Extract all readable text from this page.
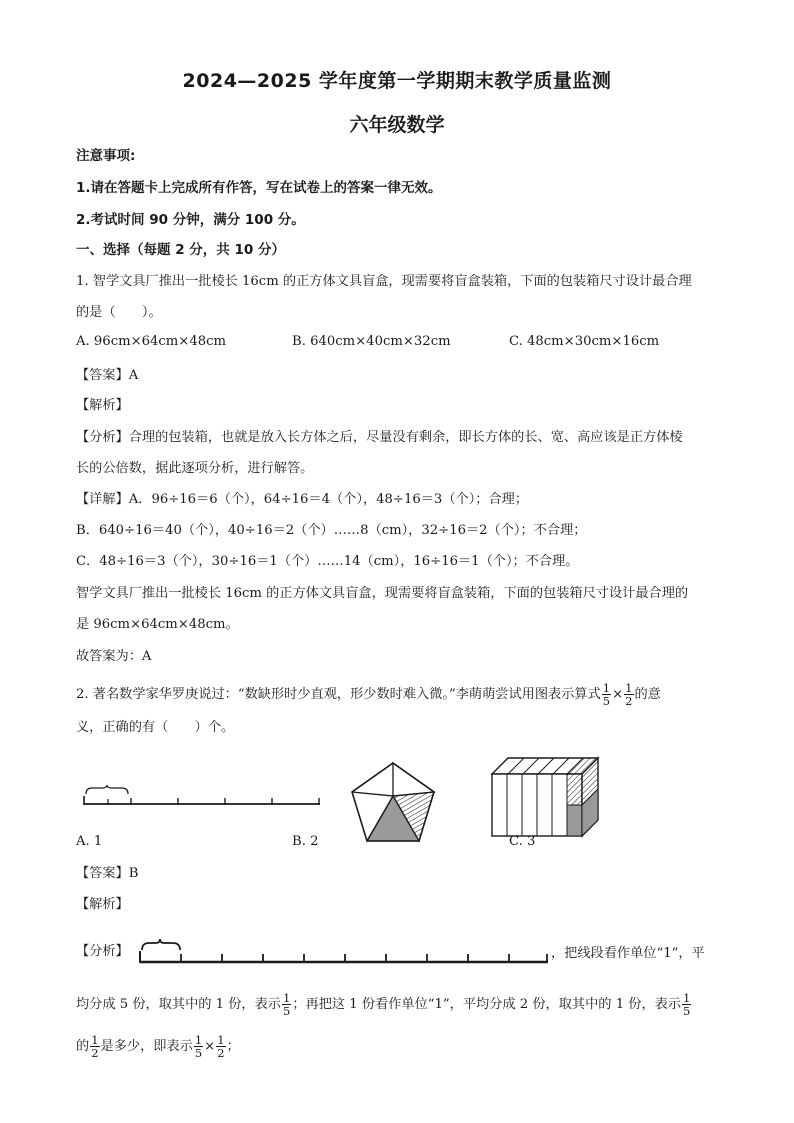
2024—2025 学年度第一学期期末教学质量监测
六年级数学
注意事项:
1.请在答题卡上完成所有作答，写在试卷上的答案一律无效。
2.考试时间 90 分钟，满分 100 分。
一、选择（每题 2 分，共 10 分）
1. 智学文具厂推出一批棱长 16cm 的正方体文具盲盒，现需要将盲盒装箱，下面的包装箱尺寸设计最合理
的是（　　）。
A. 96cm×64cm×48cm	B. 640cm×40cm×32cm	C. 48cm×30cm×16cm
【答案】A
【解析】
【分析】合理的包装箱，也就是放入长方体之后，尽量没有剩余，即长方体的长、宽、高应该是正方体棱
长的公倍数，据此逐项分析，进行解答。
【详解】A．96÷16＝6（个），64÷16＝4（个），48÷16＝3（个）；合理；
B．640÷16＝40（个），40÷16＝2（个）……8（cm），32÷16＝2（个）；不合理；
C．48÷16＝3（个），30÷16＝1（个）……14（cm），16÷16＝1（个）；不合理。
智学文具厂推出一批棱长 16cm 的正方体文具盲盒，现需要将盲盒装箱，下面的包装箱尺寸设计最合理的
是 96cm×64cm×48cm。
故答案为：A
2. 著名数学家华罗庚说过：“数缺形时少直观，形少数时难入微。”李萌萌尝试用图表示算式 $\frac{1}{5} \times \frac{1}{2}$ 的意
义，正确的有（　　）个。
A. 1	B. 2	C. 3
【答案】B
【解析】
【分析】	，把线段看作单位“1”，平
均分成 5 份，取其中的 1 份，表示 $\frac{1}{5}$ ；再把这 1 份看作单位“1”，平均分成 2 份，取其中的 1 份，表示 $\frac{1}{5}$
的 $\frac{1}{2}$ 是多少，即表示 $\frac{1}{5} \times \frac{1}{2}$ ；
